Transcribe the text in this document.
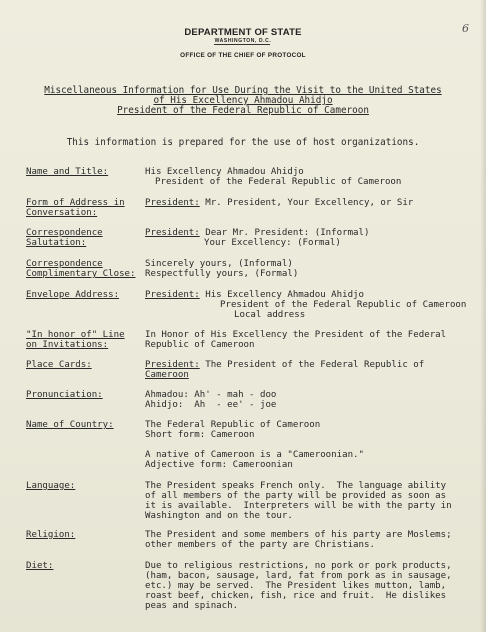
6
DEPARTMENT OF STATE
WASHINGTON, D.C.
OFFICE OF THE CHIEF OF PROTOCOL
Miscellaneous Information for Use During the Visit to the United States
of His Excellency Ahmadou Ahidjo
President of the Federal Republic of Cameroon
This information is prepared for the use of host organizations.
Name and Title:	His Excellency Ahmadou Ahidjo
President of the Federal Republic of Cameroon
Form of Address in
Conversation:
President: Mr. President, Your Excellency, or Sir
Correspondence
Salutation:
President: Dear Mr. President: (Informal)
Your Excellency: (Formal)
Correspondence
Complimentary Close:
Sincerely yours, (Informal)
Respectfully yours, (Formal)
Envelope Address:	President: His Excellency Ahmadou Ahidjo
President of the Federal Republic of Cameroon
Local address
"In honor of" Line
on Invitations:
In Honor of His Excellency the President of the Federal
Republic of Cameroon
Place Cards:	President: The President of the Federal Republic of
Cameroon
Pronunciation:	Ahmadou: Ah' - mah - doo
Ahidjo:  Ah  - ee' - joe
Name of Country:	The Federal Republic of Cameroon
Short form: Cameroon
A native of Cameroon is a "Cameroonian."
Adjective form: Cameroonian
Language:	The President speaks French only.  The language ability
of all members of the party will be provided as soon as
it is available.  Interpreters will be with the party in
Washington and on the tour.
Religion:	The President and some members of his party are Moslems;
other members of the party are Christians.
Diet:	Due to religious restrictions, no pork or pork products,
(ham, bacon, sausage, lard, fat from pork as in sausage,
etc.) may be served.  The President likes mutton, lamb,
roast beef, chicken, fish, rice and fruit.  He dislikes
peas and spinach.
